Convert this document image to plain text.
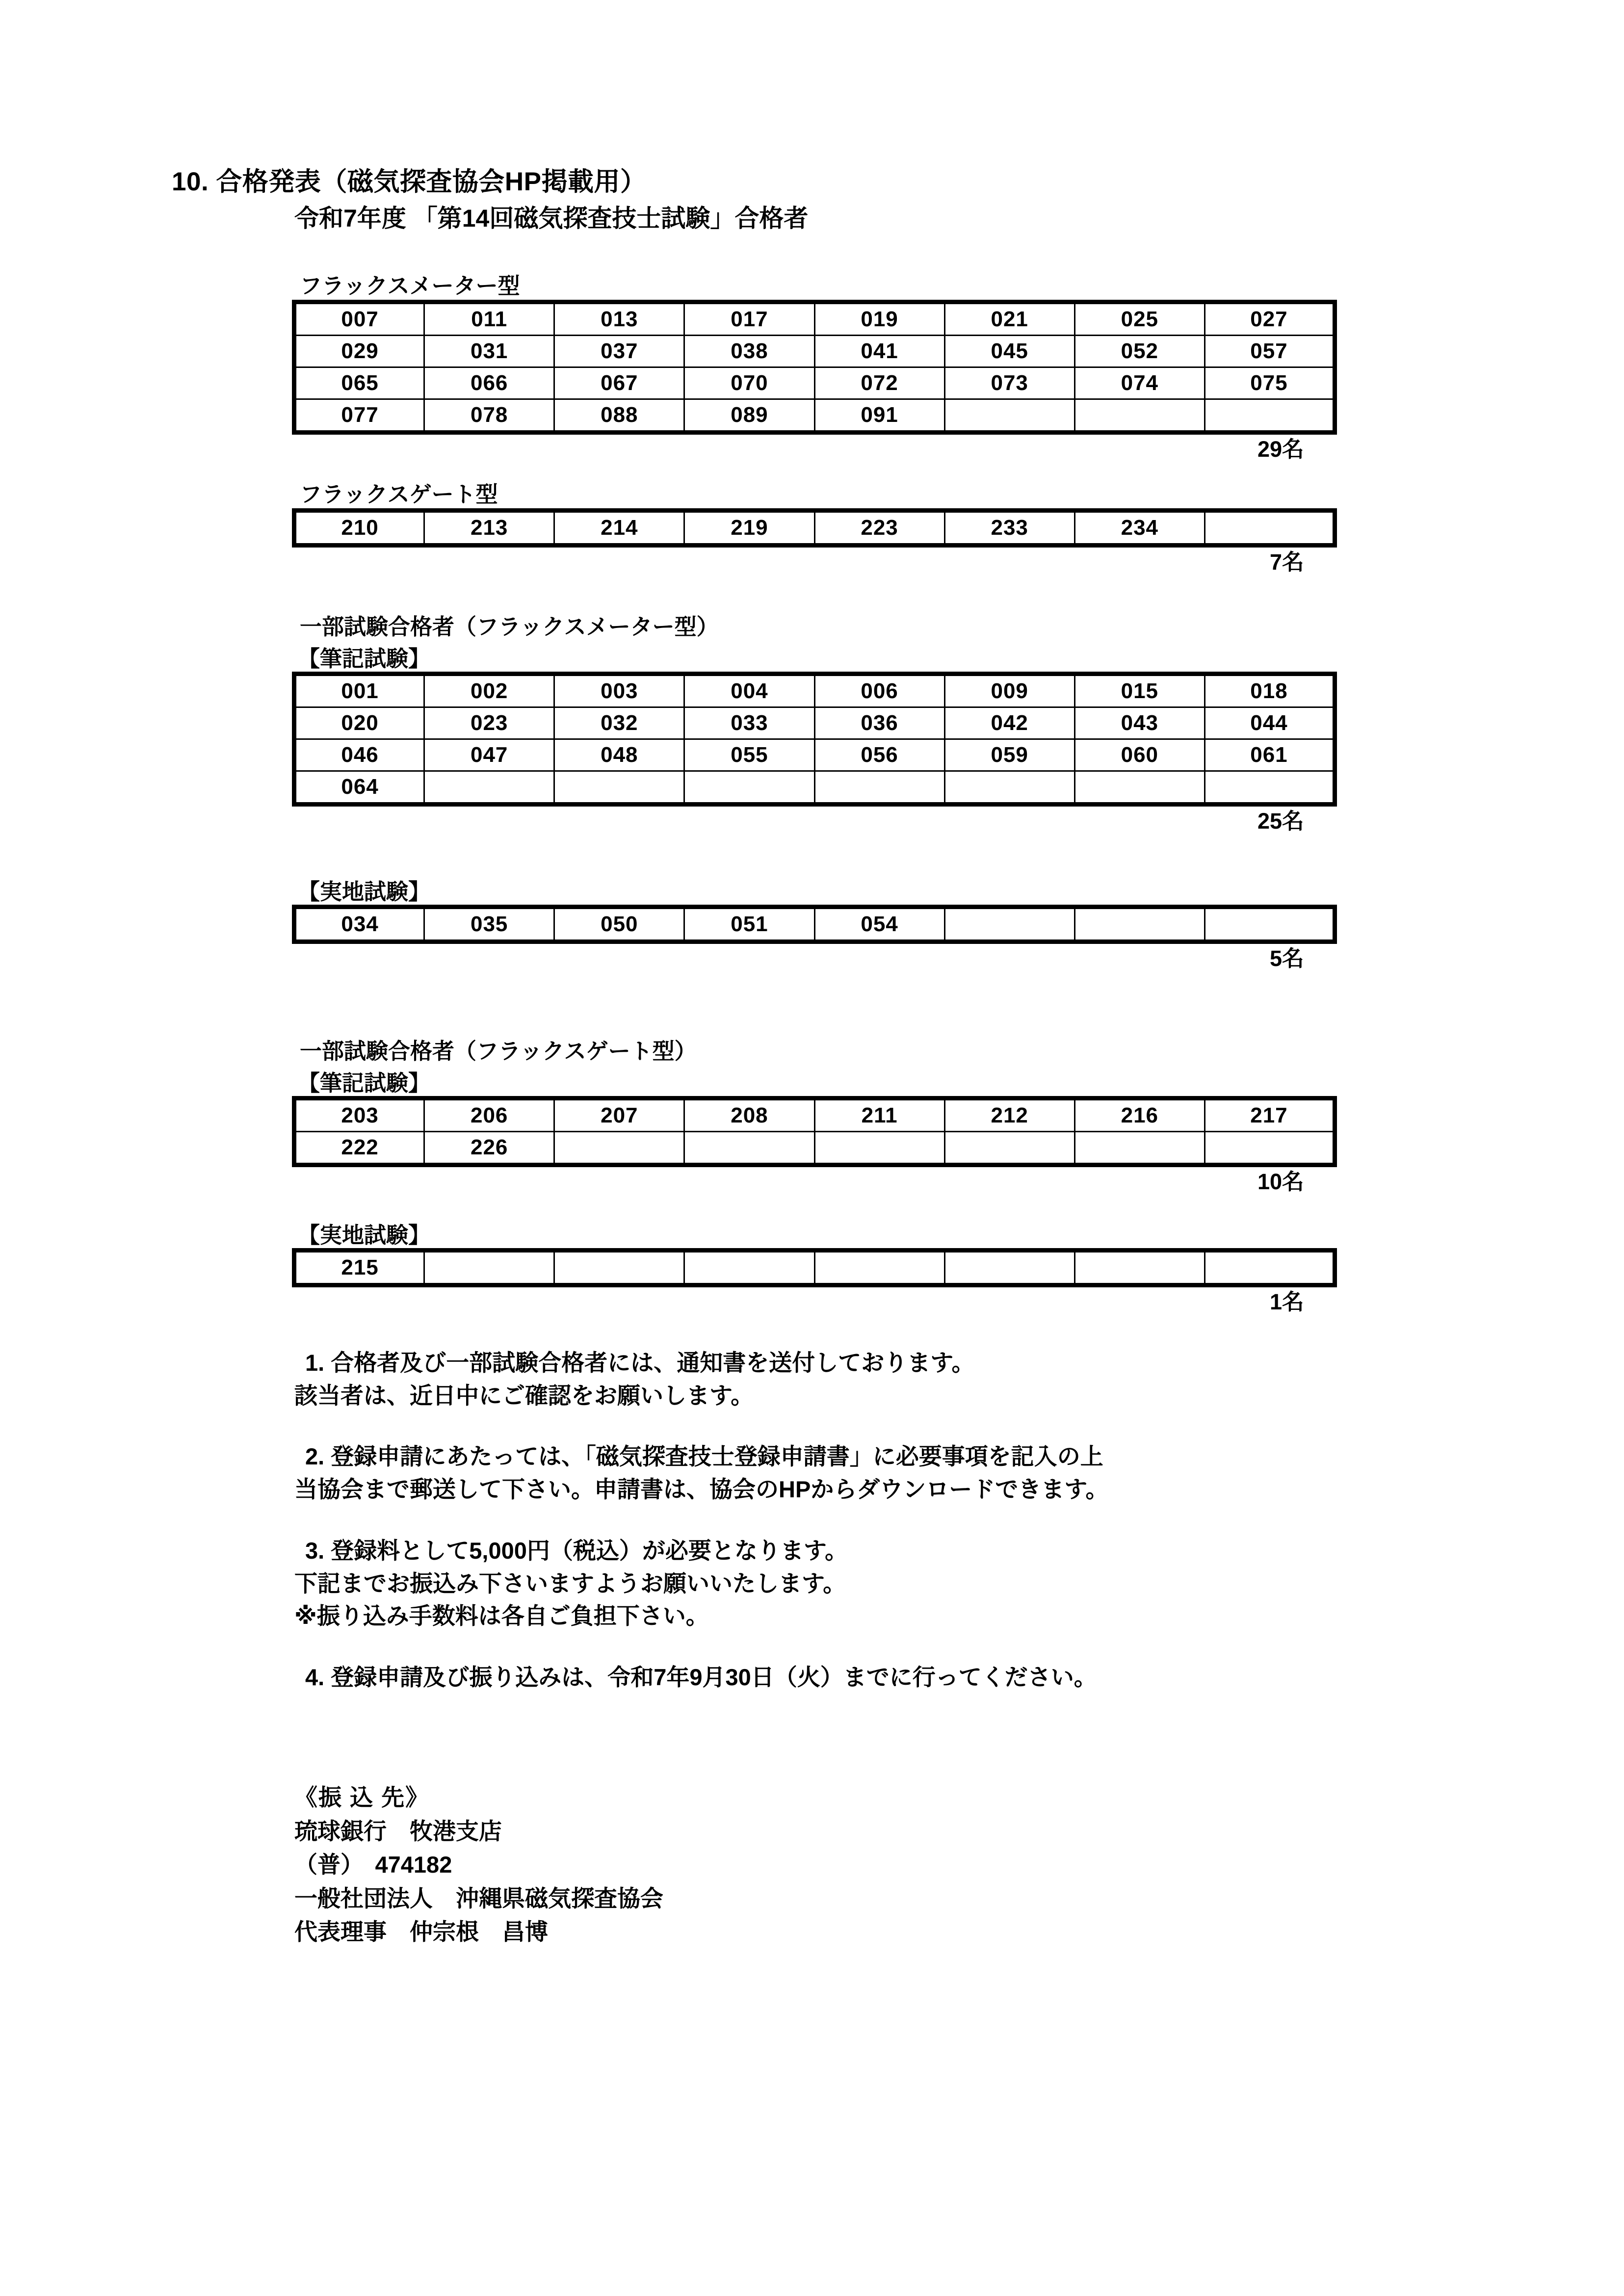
10. 合格発表（磁気探査協会HP掲載用）
令和7年度 「第14回磁気探査技士試験」合格者
フラックスメーター型
007	011	013	017	019	021	025	027
029	031	037	038	041	045	052	057
065	066	067	070	072	073	074	075
077	078	088	089	091			
29名
フラックスゲート型
210	213	214	219	223	233	234	
7名
一部試験合格者（フラックスメーター型）
【筆記試験】
001	002	003	004	006	009	015	018
020	023	032	033	036	042	043	044
046	047	048	055	056	059	060	061
064							
25名
【実地試験】
034	035	050	051	054			
5名
一部試験合格者（フラックスゲート型）
【筆記試験】
203	206	207	208	211	212	216	217
222	226						
10名
【実地試験】
215							
1名
1. 合格者及び一部試験合格者には、通知書を送付しております。
該当者は、近日中にご確認をお願いします。
2. 登録申請にあたっては、「磁気探査技士登録申請書」に必要事項を記入の上
当協会まで郵送して下さい。申請書は、協会のHPからダウンロードできます。
3. 登録料として5,000円（税込）が必要となります。
下記までお振込み下さいますようお願いいたします。
※振り込み手数料は各自ご負担下さい。
4. 登録申請及び振り込みは、令和7年9月30日（火）までに行ってください。
《振 込 先》
琉球銀行　牧港支店
（普）　474182
一般社団法人　沖縄県磁気探査協会
代表理事　仲宗根　昌博
